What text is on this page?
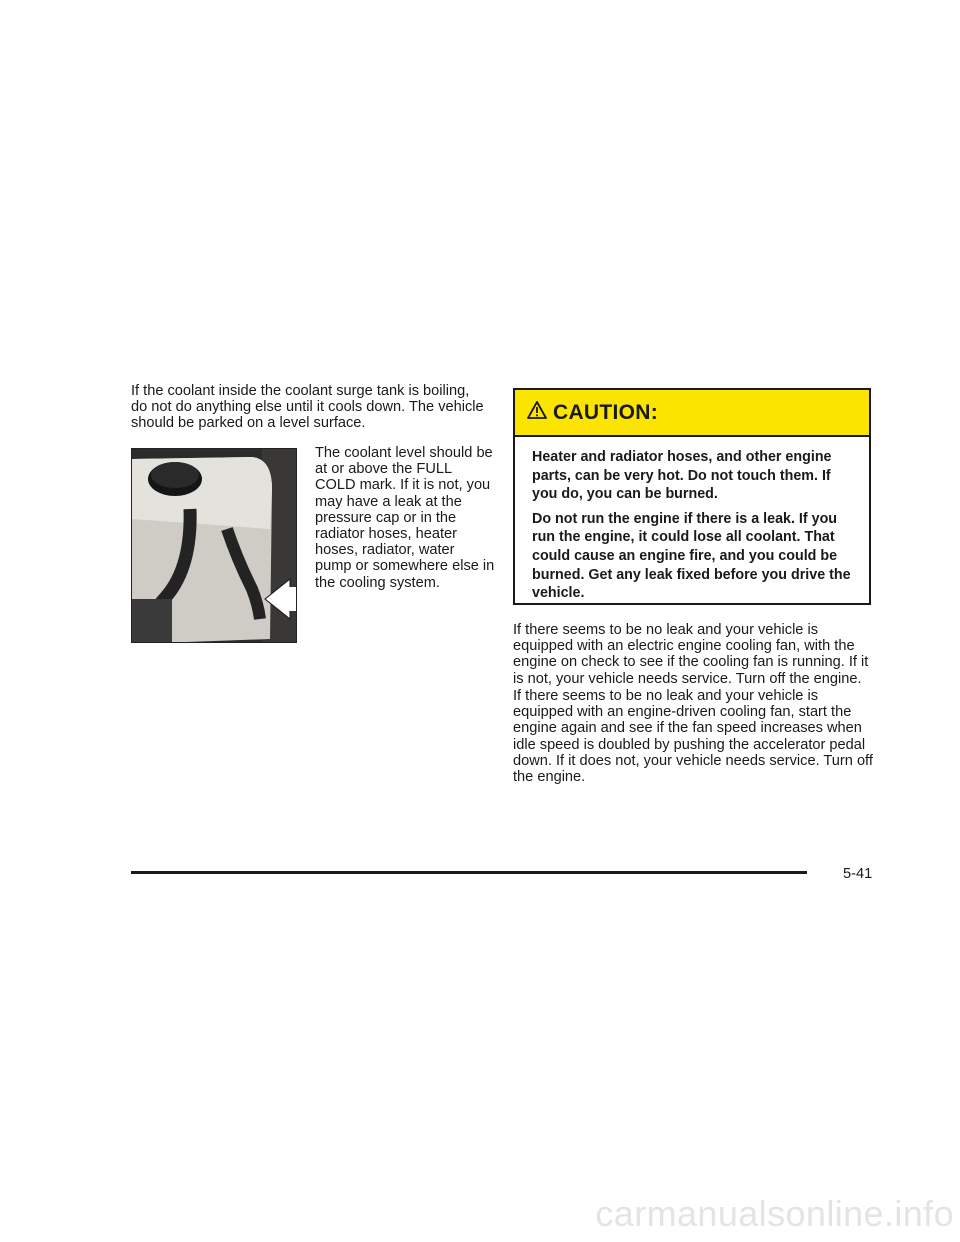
If the coolant inside the coolant surge tank is boiling, do not do anything else until it cools down. The vehicle should be parked on a level surface.

The coolant level should be at or above the FULL COLD mark. If it is not, you may have a leak at the pressure cap or in the radiator hoses, heater hoses, radiator, water pump or somewhere else in the cooling system.

CAUTION:

Heater and radiator hoses, and other engine parts, can be very hot. Do not touch them. If you do, you can be burned.

Do not run the engine if there is a leak. If you run the engine, it could lose all coolant. That could cause an engine fire, and you could be burned. Get any leak fixed before you drive the vehicle.

If there seems to be no leak and your vehicle is equipped with an electric engine cooling fan, with the engine on check to see if the cooling fan is running. If it is not, your vehicle needs service. Turn off the engine.

If there seems to be no leak and your vehicle is equipped with an engine-driven cooling fan, start the engine again and see if the fan speed increases when idle speed is doubled by pushing the accelerator pedal down. If it does not, your vehicle needs service. Turn off the engine.

5-41
carmanualsonline.info
